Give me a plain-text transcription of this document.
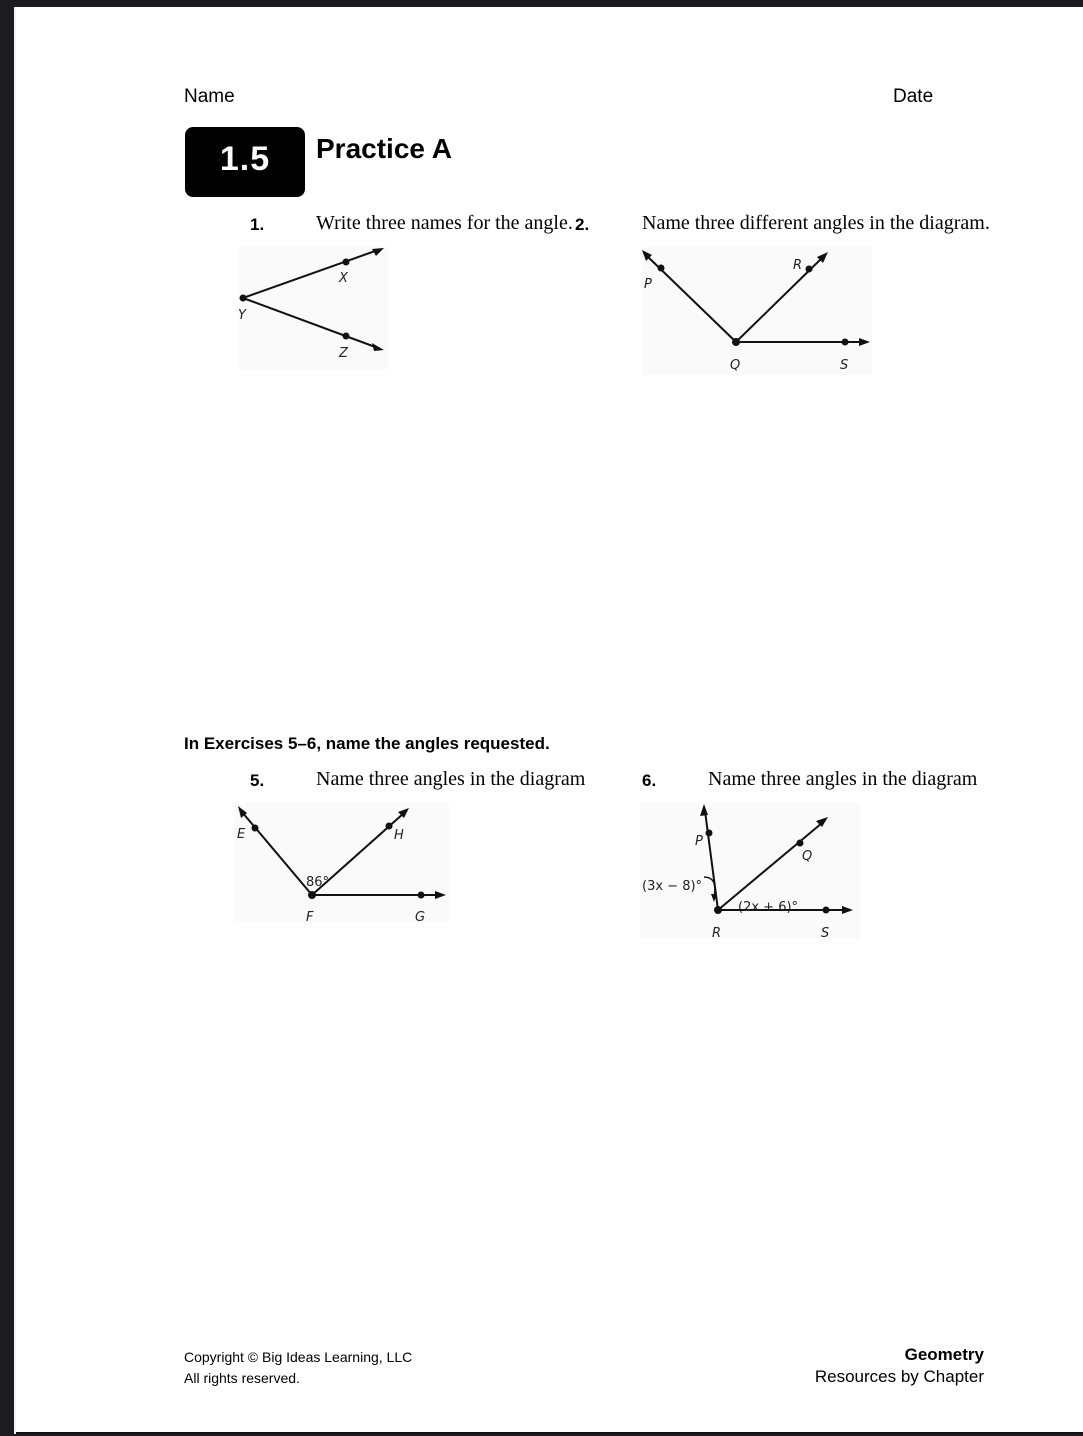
Name	Date
1.5	Practice A
1.	Write three names for the angle.
Y
X
Z
2.	Name three different angles in the diagram.
P
R
Q	S
In Exercises 5–6, name the angles requested.
5.	Name three angles in the diagram
E	H
F	G
86°
6.	Name three angles in the diagram
P
Q
R	S
(3x − 8)°
(2x + 6)°
Copyright © Big Ideas Learning, LLC
All rights reserved.
Geometry
Resources by Chapter
